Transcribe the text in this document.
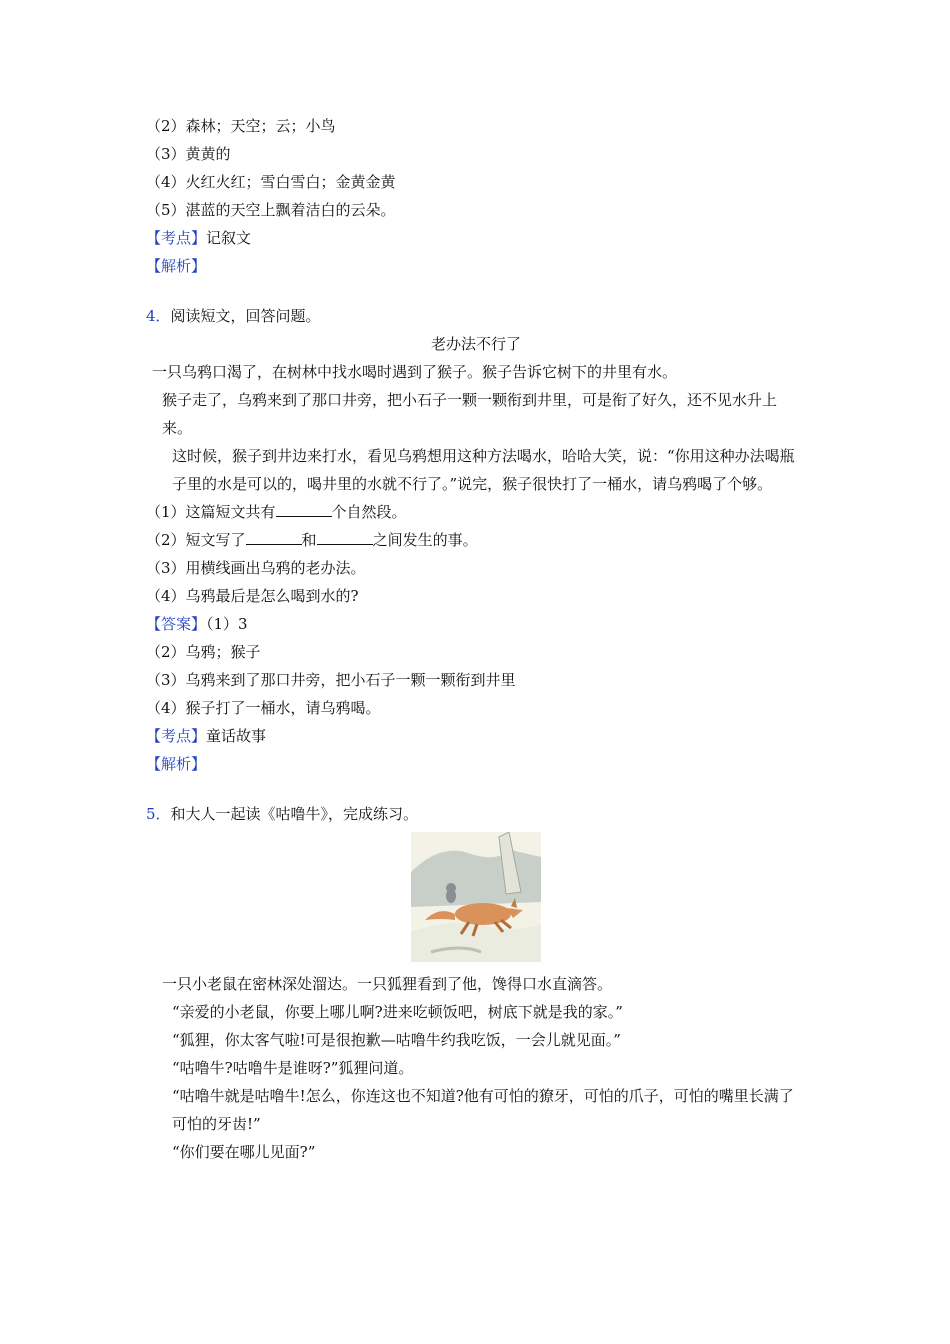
（2）森林；天空；云；小鸟
（3）黄黄的
（4）火红火红；雪白雪白；金黄金黄
（5）湛蓝的天空上飘着洁白的云朵。
【考点】记叙文
【解析】
4．阅读短文，回答问题。
老办法不行了
一只乌鸦口渴了，在树林中找水喝时遇到了猴子。猴子告诉它树下的井里有水。
猴子走了，乌鸦来到了那口井旁，把小石子一颗一颗衔到井里，可是衔了好久，还不见水升上来。
这时候，猴子到井边来打水，看见乌鸦想用这种方法喝水，哈哈大笑，说：“你用这种办法喝瓶子里的水是可以的，喝井里的水就不行了。”说完，猴子很快打了一桶水，请乌鸦喝了个够。
（1）这篇短文共有	个自然段。
（2）短文写了	和	之间发生的事。
（3）用横线画出乌鸦的老办法。
（4）乌鸦最后是怎么喝到水的?
【答案】（1）3
（2）乌鸦；猴子
（3）乌鸦来到了那口井旁，把小石子一颗一颗衔到井里
（4）猴子打了一桶水，请乌鸦喝。
【考点】童话故事
【解析】
5．和大人一起读《咕噜牛》，完成练习。
一只小老鼠在密林深处溜达。一只狐狸看到了他，馋得口水直滴答。
“亲爱的小老鼠，你要上哪儿啊?进来吃顿饭吧，树底下就是我的家。”
“狐狸，你太客气啦!可是很抱歉—咕噜牛约我吃饭，一会儿就见面。”
“咕噜牛?咕噜牛是谁呀?”狐狸问道。
“咕噜牛就是咕噜牛!怎么，你连这也不知道?他有可怕的獠牙，可怕的爪子，可怕的嘴里长满了可怕的牙齿!”
“你们要在哪儿见面?”
